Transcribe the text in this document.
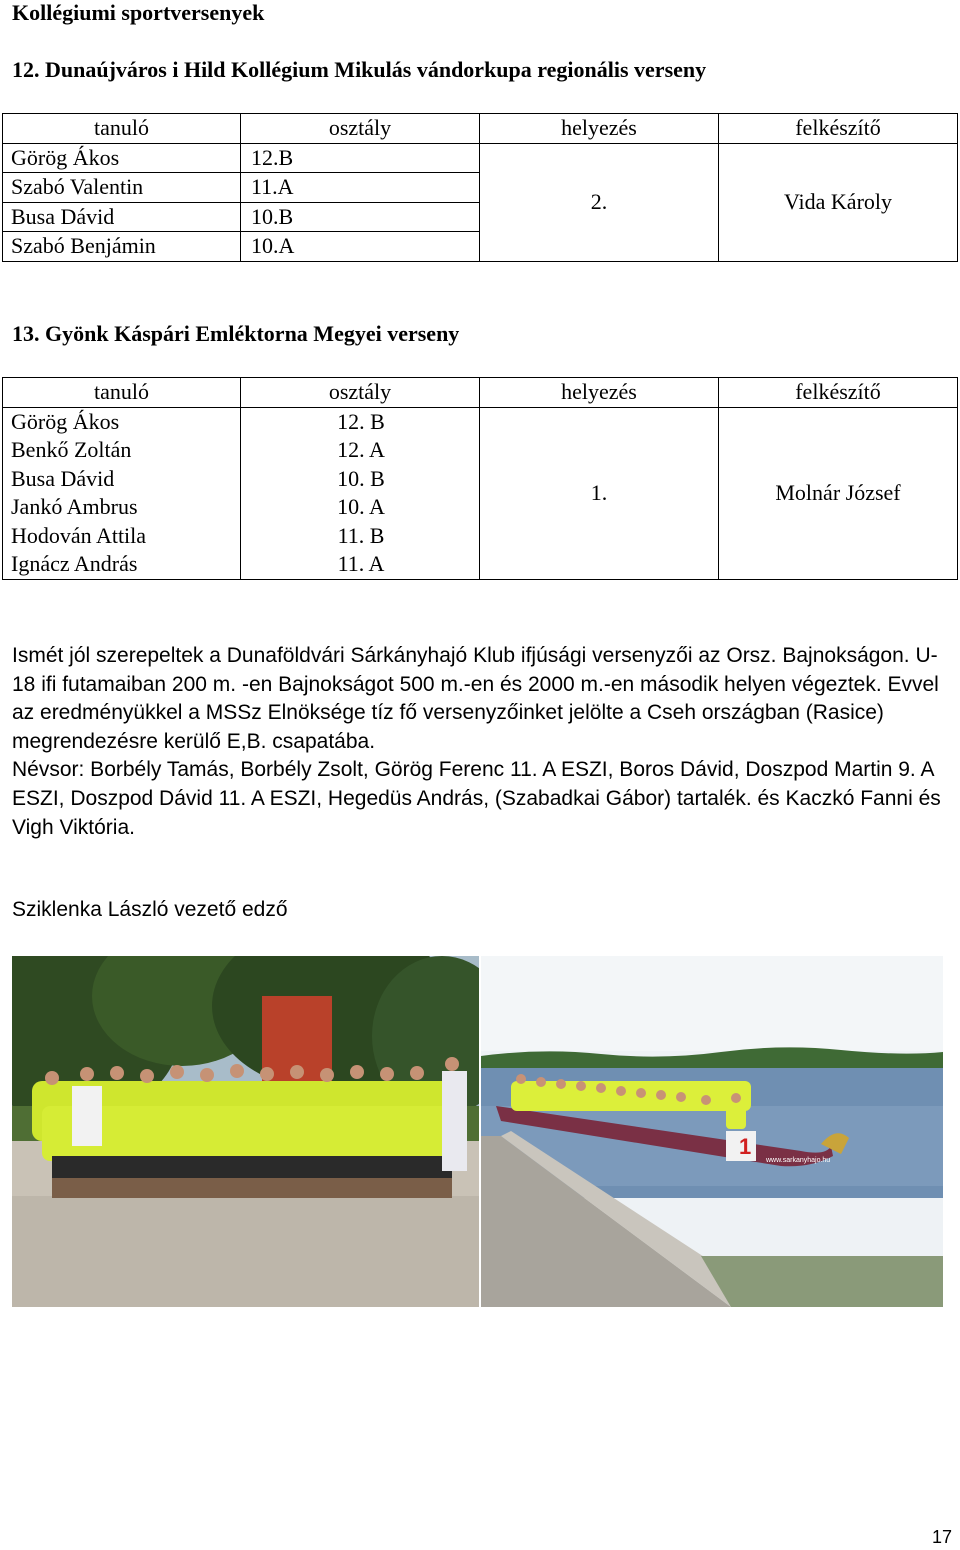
Kollégiumi sportversenyek
12. Dunaújváros i Hild Kollégium Mikulás vándorkupa regionális verseny
tanuló	osztály	helyezés	felkészítő
Görög Ákos	12.B	2.	Vida Károly
Szabó Valentin	11.A		
Busa Dávid	10.B		
Szabó Benjámin	10.A		
13. Gyönk Káspári Emléktorna Megyei verseny
tanuló	osztály	helyezés	felkészítő
Görög Ákos	12. B	1.	Molnár József
Benkő Zoltán	12. A		
Busa Dávid	10. B		
Jankó Ambrus	10. A		
Hodován Attila	11. B		
Ignácz András	11. A		

Ismét jól szerepeltek a Dunaföldvári Sárkányhajó Klub ifjúsági versenyzői az Orsz. Bajnokságon. U-18 ifi futamaiban 200 m. -en Bajnokságot 500 m.-en és 2000 m.-en második helyen végeztek. Evvel az eredményükkel a MSSz Elnöksége tíz fő versenyzőinket jelölte a Cseh országban (Rasice) megrendezésre kerülő E,B. csapatába.

Névsor: Borbély Tamás, Borbély Zsolt, Görög Ferenc 11. A ESZI, Boros Dávid, Doszpod Martin 9. A ESZI, Doszpod Dávid 11. A ESZI, Hegedüs András, (Szabadkai Gábor) tartalék. és Kaczkó Fanni és Vigh Viktória.

Sziklenka László vezető edző
1
www.sarkanyhajo.hu
17
